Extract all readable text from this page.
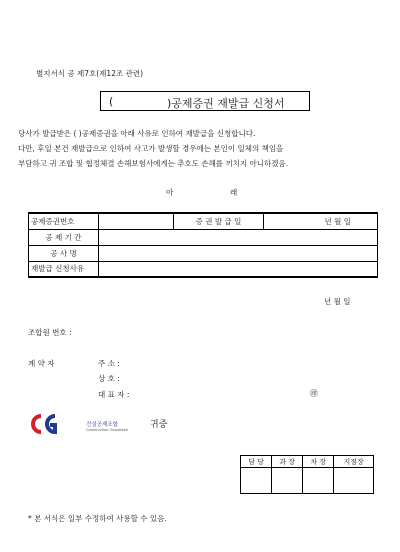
별지서식 공 제7호(제12조 관련)
(	)공제증권 재발급 신청서
당사가 발급받은 ( )공제증권을 아래 사유로 인하여 재발급을 신청합니다.
다만, 후일 본건 재발급으로 인하여 사고가 발생할 경우에는 본인이 일체의 책임을
부담하고 귀 조합 및 협정체결 손해보험사에게는 추호도 손해를 끼치지 아니하겠음.
아	래
공제증권번호		증 권 발 급 일	년 월 일
공 제 기 간			
공 사 명			
재발급 신청사유			
년 월 일
조합원 번호 :
계 약 자	주 소 :
상 호 :
대 표 자 :	㊞
건설공제조합
Construction Guarantee 귀중
담 당	과 장	차 장	지점장

* 본 서식은 일부 수정하여 사용할 수 있음.
